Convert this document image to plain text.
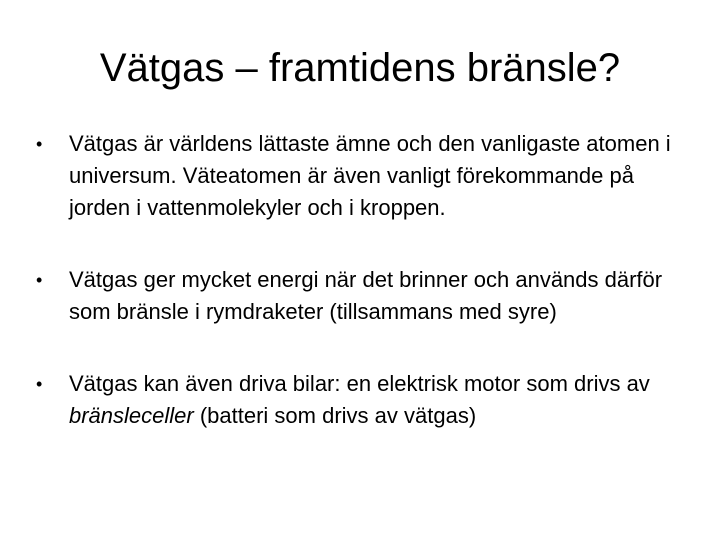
Vätgas – framtidens bränsle?
•	Vätgas är världens lättaste ämne och den vanligaste atomen i universum. Väteatomen är även vanligt förekommande på jorden i vattenmolekyler och i kroppen.
•	Vätgas ger mycket energi när det brinner och används därför som bränsle i rymdraketer (tillsammans med syre)
•	Vätgas kan även driva bilar: en elektrisk motor som drivs av bränsleceller (batteri som drivs av vätgas)
